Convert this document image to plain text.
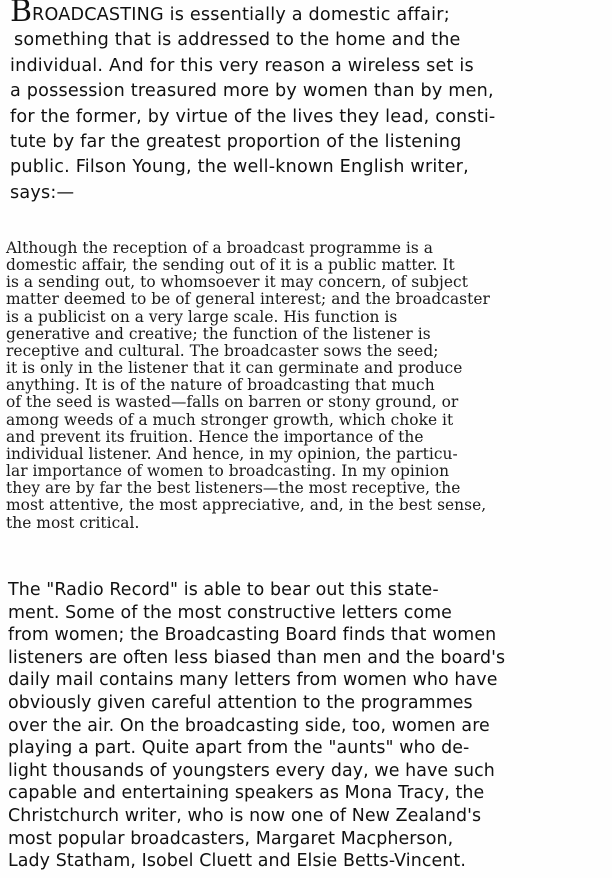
BROADCASTING is essentially a domestic affair;
something that is addressed to the home and the
individual. And for this very reason a wireless set is
a possession treasured more by women than by men,
for the former, by virtue of the lives they lead, consti-
tute by far the greatest proportion of the listening
public. Filson Young, the well-known English writer,
says:—
Although the reception of a broadcast programme is a
domestic affair, the sending out of it is a public matter. It
is a sending out, to whomsoever it may concern, of subject
matter deemed to be of general interest; and the broadcaster
is a publicist on a very large scale. His function is
generative and creative; the function of the listener is
receptive and cultural. The broadcaster sows the seed;
it is only in the listener that it can germinate and produce
anything. It is of the nature of broadcasting that much
of the seed is wasted—falls on barren or stony ground, or
among weeds of a much stronger growth, which choke it
and prevent its fruition. Hence the importance of the
individual listener. And hence, in my opinion, the particu-
lar importance of women to broadcasting. In my opinion
they are by far the best listeners—the most receptive, the
most attentive, the most appreciative, and, in the best sense,
the most critical.
The "Radio Record" is able to bear out this state-
ment. Some of the most constructive letters come
from women; the Broadcasting Board finds that women
listeners are often less biased than men and the board's
daily mail contains many letters from women who have
obviously given careful attention to the programmes
over the air. On the broadcasting side, too, women are
playing a part. Quite apart from the "aunts" who de-
light thousands of youngsters every day, we have such
capable and entertaining speakers as Mona Tracy, the
Christchurch writer, who is now one of New Zealand's
most popular broadcasters, Margaret Macpherson,
Lady Statham, Isobel Cluett and Elsie Betts-Vincent.
